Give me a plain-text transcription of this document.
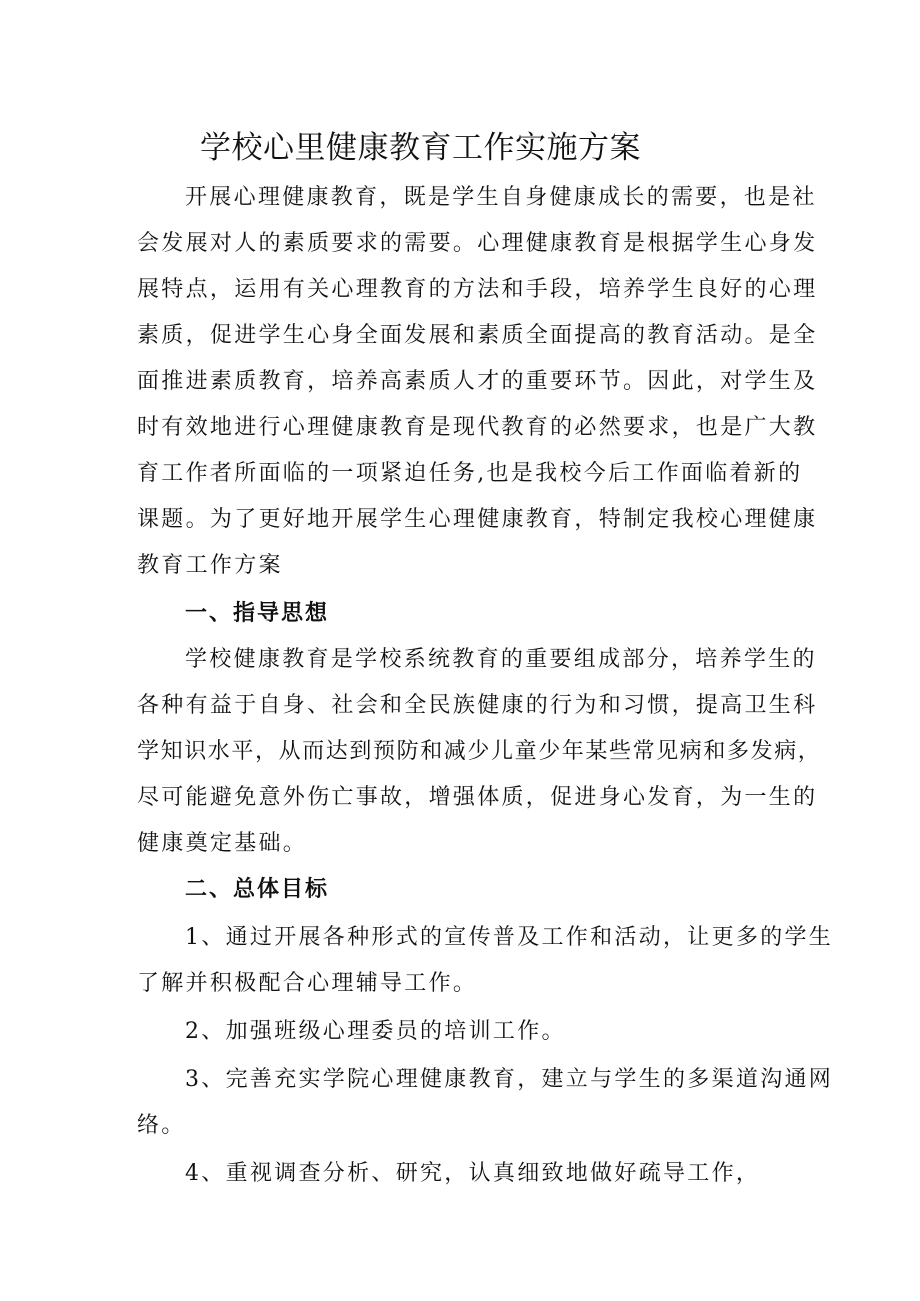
学校心里健康教育工作实施方案
开展心理健康教育，既是学生自身健康成长的需要，也是社
会发展对人的素质要求的需要。心理健康教育是根据学生心身发
展特点，运用有关心理教育的方法和手段，培养学生良好的心理
素质，促进学生心身全面发展和素质全面提高的教育活动。是全
面推进素质教育，培养高素质人才的重要环节。因此，对学生及
时有效地进行心理健康教育是现代教育的必然要求，也是广大教
育工作者所面临的一项紧迫任务,也是我校今后工作面临着新的
课题。为了更好地开展学生心理健康教育，特制定我校心理健康
教育工作方案
一、指导思想
学校健康教育是学校系统教育的重要组成部分，培养学生的
各种有益于自身、社会和全民族健康的行为和习惯，提高卫生科
学知识水平，从而达到预防和减少儿童少年某些常见病和多发病，
尽可能避免意外伤亡事故，增强体质，促进身心发育，为一生的
健康奠定基础。
二、总体目标
1、通过开展各种形式的宣传普及工作和活动，让更多的学生
了解并积极配合心理辅导工作。
2、加强班级心理委员的培训工作。
3、完善充实学院心理健康教育，建立与学生的多渠道沟通网
络。
4、重视调查分析、研究，认真细致地做好疏导工作，
